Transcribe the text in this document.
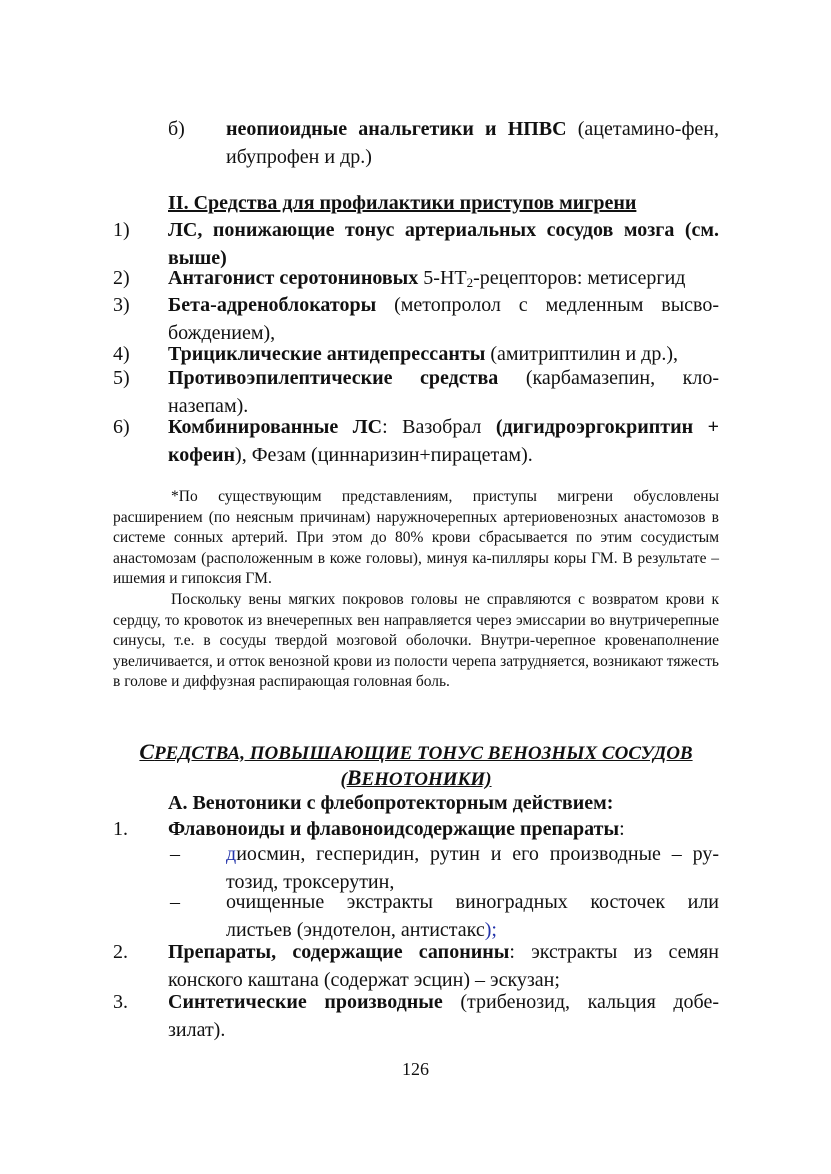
б) неопиоидные анальгетики и НПВС (ацетамино-фен, ибупрофен и др.)
II. Средства для профилактики приступов мигрени
1) ЛС, понижающие тонус артериальных сосудов мозга (см. выше)
2) Антагонист серотониновых $5-HT_2$-рецепторов: метисергид
3) Бета-адреноблокаторы (метопролол с медленным высво-бождением),
4) Трициклические антидепрессанты (амитриптилин и др.),
5) Противоэпилептические средства (карбамазепин, кло-назепам).
6) Комбинированные ЛС: Вазобрал (дигидроэргокриптин + кофеин), Фезам (циннаризин+пирацетам).
*По существующим представлениям, приступы мигрени обусловлены расширением (по неясным причинам) наружночерепных артериовенозных анастомозов в системе сонных артерий. При этом до 80% крови сбрасывается по этим сосудистым анастомозам (расположенным в коже головы), минуя ка-пилляры коры ГМ. В результате – ишемия и гипоксия ГМ.
Поскольку вены мягких покровов головы не справляются с возвратом крови к сердцу, то кровоток из внечерепных вен направляется через эмиссарии во внутричерепные синусы, т.е. в сосуды твердой мозговой оболочки. Внутри-черепное кровенаполнение увеличивается, и отток венозной крови из полости черепа затрудняется, возникают тяжесть в голове и диффузная распирающая головная боль.
СРЕДСТВА, ПОВЫШАЮЩИЕ ТОНУС ВЕНОЗНЫХ СОСУДОВ
(ВЕНОТОНИКИ)
А. Венотоники с флебопротекторным действием:
1. Флавоноиды и флавоноидсодержащие препараты:
– диосмин, гесперидин, рутин и его производные – ру-тозид, троксерутин,
– очищенные экстракты виноградных косточек или листьев (эндотелон, антистакс);
2. Препараты, содержащие сапонины: экстракты из семян конского каштана (содержат эсцин) – эскузан;
3. Синтетические производные (трибенозид, кальция добе-зилат).
126
